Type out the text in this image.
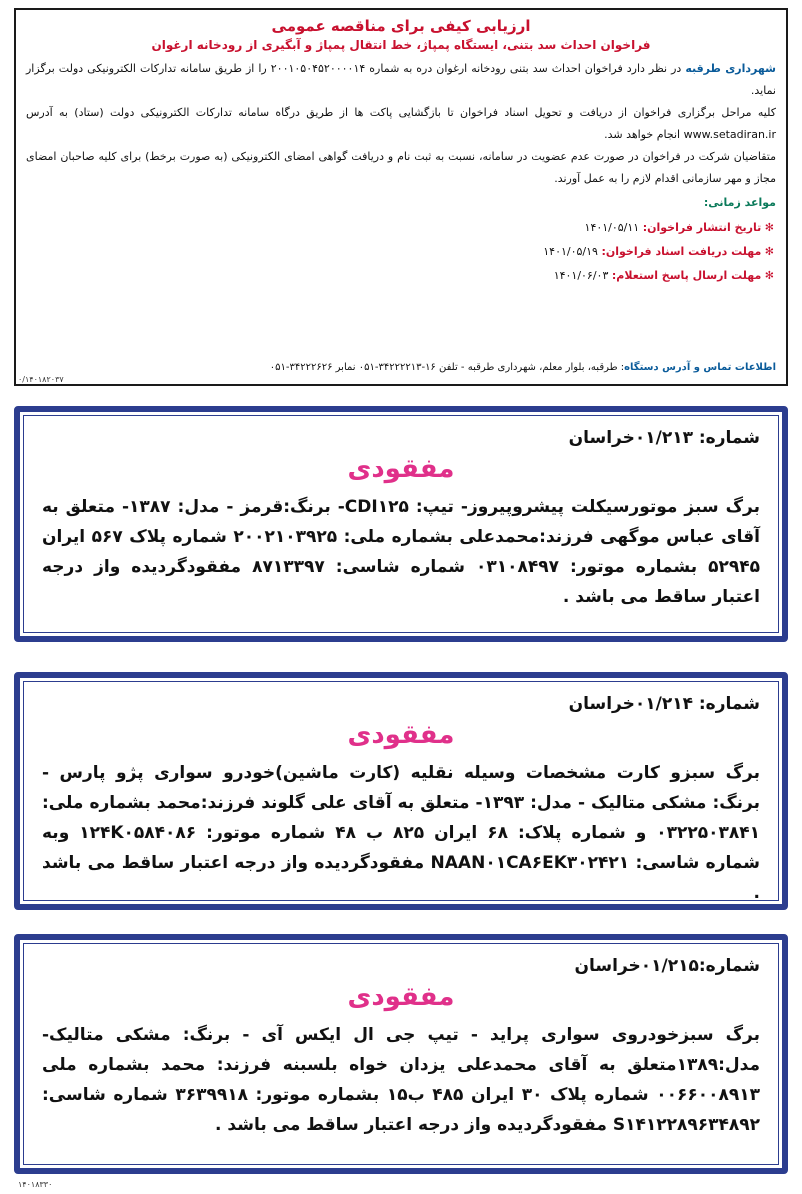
ارزیابی کیفی برای مناقصه عمومی
فراخوان احداث سد بتنی، ایستگاه پمپاژ، خط انتقال پمپاژ و آبگیری از رودخانه ارغوان

شهرداری طرقبه در نظر دارد فراخوان احداث سد بتنی رودخانه ارغوان دره به شماره ۲۰۰۱۰۵۰۴۵۲۰۰۰۰۱۴ را از طریق سامانه تدارکات الکترونیکی دولت برگزار نماید.

کلیه مراحل برگزاری فراخوان از دریافت و تحویل اسناد فراخوان تا بازگشایی پاکت ها از طریق درگاه سامانه تدارکات الکترونیکی دولت (ستاد) به آدرس www.setadiran.ir انجام خواهد شد.

متقاضیان شرکت در فراخوان در صورت عدم عضویت در سامانه، نسبت به ثبت نام و دریافت گواهی امضای الکترونیکی (به صورت برخط) برای کلیه صاحبان امضای مجاز و مهر سازمانی اقدام لازم را به عمل آورند.

مواعد زمانی:
✻ تاریخ انتشار فراخوان: ۱۴۰۱/۰۵/۱۱
✻ مهلت دریافت اسناد فراخوان: ۱۴۰۱/۰۵/۱۹
✻ مهلت ارسال پاسخ استعلام: ۱۴۰۱/۰۶/۰۳
اطلاعات تماس و آدرس دستگاه: طرقبه، بلوار معلم، شهرداری طرقبه - تلفن ۱۶-۳۴۲۲۲۲۱۳-۰۵۱ نمابر ۳۴۲۲۲۶۲۶-۰۵۱
۰/۱۴۰۱۸۲۰۳۷
شماره: ۰۱/۲۱۳خراسان
مفقودی
برگ سبز موتورسیکلت پیشروپیروز- تیپ: CDI۱۲۵- برنگ:قرمز - مدل: ۱۳۸۷- متعلق به آقای عباس موگهی فرزند:محمدعلی بشماره ملی: ۲۰۰۲۱۰۳۹۲۵ شماره پلاک ۵۶۷ ایران ۵۲۹۴۵ بشماره موتور: ۰۳۱۰۸۴۹۷ شماره شاسی: ۸۷۱۳۳۹۷ مفقودگردیده واز درجه اعتبار ساقط می باشد .
شماره: ۰۱/۲۱۴خراسان
مفقودی
برگ سبزو کارت مشخصات وسیله نقلیه (کارت ماشین)خودرو سواری پژو پارس - برنگ: مشکی متالیک - مدل: ۱۳۹۳- متعلق به آقای علی گلوند فرزند:محمد بشماره ملی: ۰۳۲۲۵۰۳۸۴۱ و شماره پلاک: ۶۸ ایران ۸۲۵ ب ۴۸ شماره موتور: ۱۲۴K۰۵۸۴۰۸۶ وبه شماره شاسی: NAAN۰۱CA۶EK۳۰۲۴۲۱ مفقودگردیده واز درجه اعتبار ساقط می باشد .
شماره:۰۱/۲۱۵خراسان
مفقودی
برگ سبزخودروی سواری پراید - تیپ جی ال ایکس آی - برنگ: مشکی متالیک- مدل:۱۳۸۹متعلق به آقای محمدعلی یزدان خواه بلسبنه فرزند: محمد بشماره ملی ۰۰۶۶۰۰۸۹۱۳ شماره پلاک ۳۰ ایران ۴۸۵ ب۱۵ بشماره موتور: ۳۶۳۹۹۱۸ شماره شاسی: S۱۴۱۲۲۸۹۶۳۴۸۹۲ مفقودگردیده واز درجه اعتبار ساقط می باشد .
۱۴۰۱۸۳۳۰
